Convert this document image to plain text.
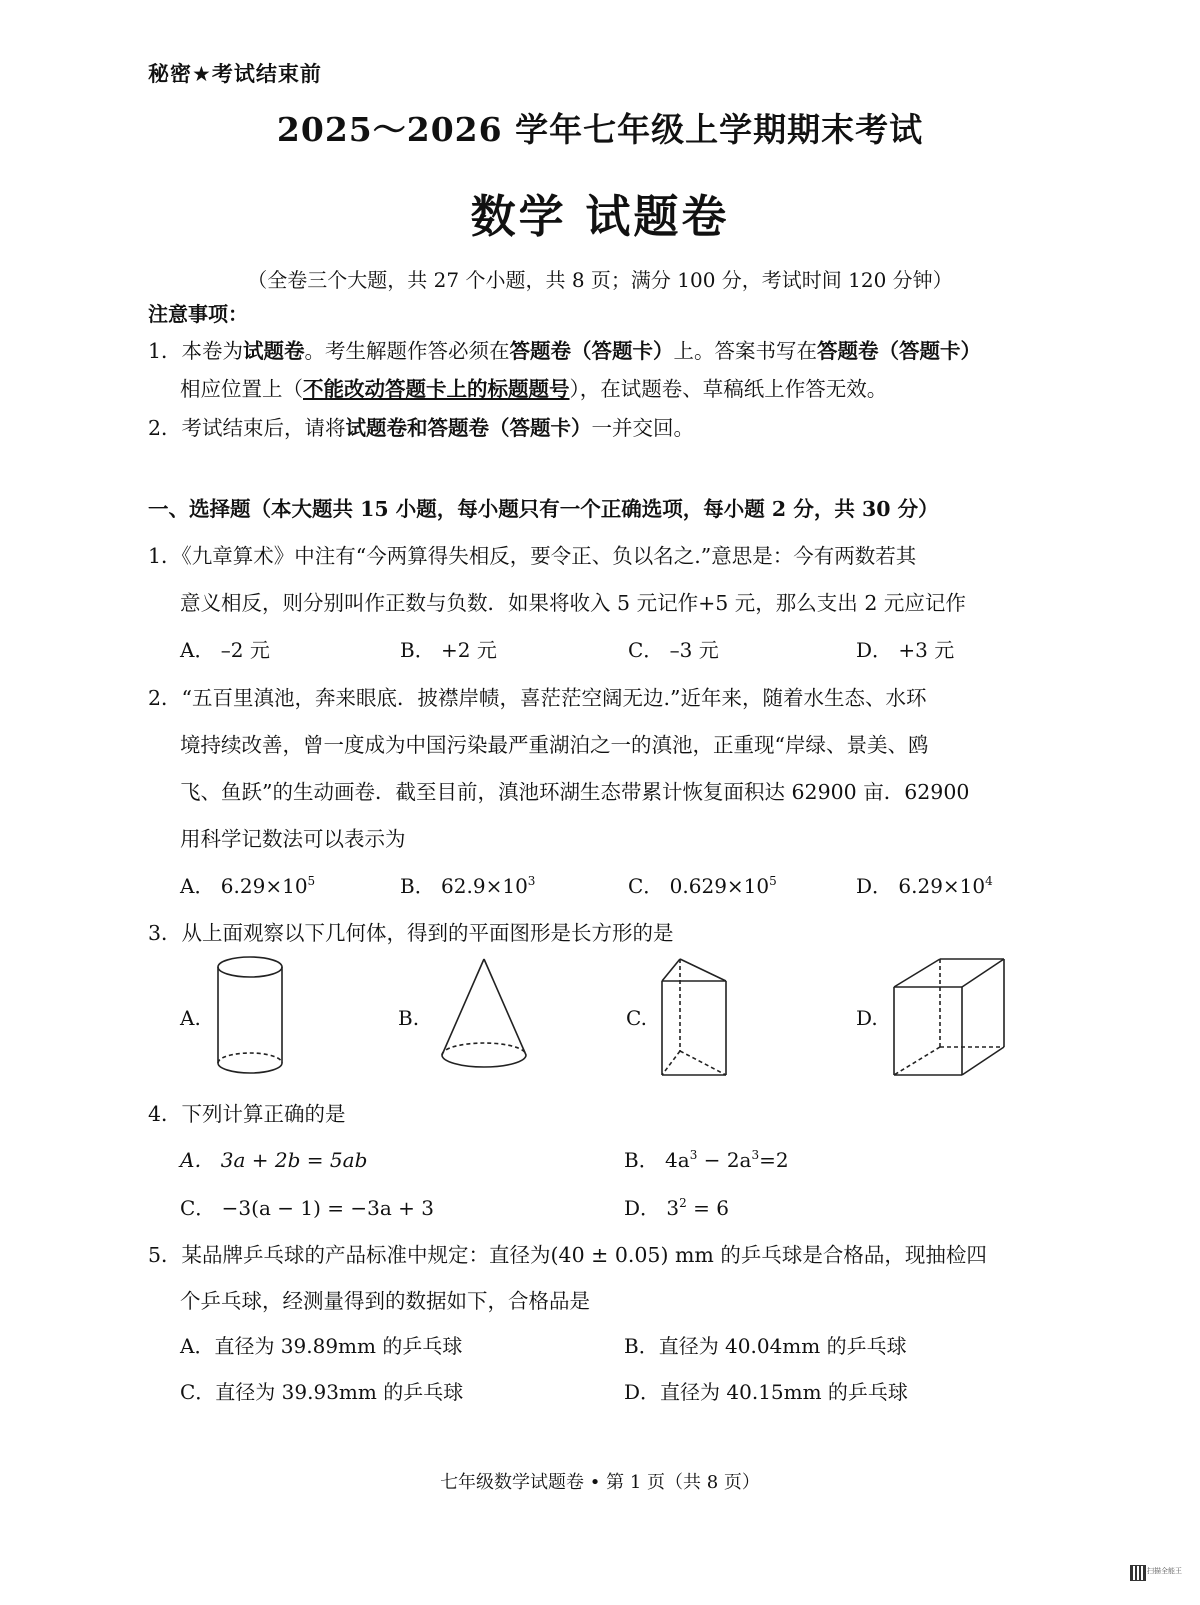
秘密★考试结束前
2025～2026 学年七年级上学期期末考试
数学 试题卷
（全卷三个大题，共 27 个小题，共 8 页；满分 100 分，考试时间 120 分钟）
注意事项：
1．本卷为试题卷。考生解题作答必须在答题卷（答题卡）上。答案书写在答题卷（答题卡）
相应位置上（不能改动答题卡上的标题题号），在试题卷、草稿纸上作答无效。
2．考试结束后，请将试题卷和答题卷（答题卡）一并交回。
一、选择题（本大题共 15 小题，每小题只有一个正确选项，每小题 2 分，共 30 分）
1．《九章算术》中注有“今两算得失相反，要令正、负以名之.”意思是：今有两数若其
意义相反，则分别叫作正数与负数．如果将收入 5 元记作+5 元，那么支出 2 元应记作
A． –2 元	B． +2 元	C． –3 元	D． +3 元
2．“五百里滇池，奔来眼底．披襟岸帻，喜茫茫空阔无边.”近年来，随着水生态、水环
境持续改善，曾一度成为中国污染最严重湖泊之一的滇池，正重现“岸绿、景美、鸥
飞、鱼跃”的生动画卷．截至目前，滇池环湖生态带累计恢复面积达 62900 亩．62900
用科学记数法可以表示为
A． $6.29\times 10^5$	B． $62.9\times 10^3$	C． $0.629\times 10^5$	D． $6.29\times 10^4$
3．从上面观察以下几何体，得到的平面图形是长方形的是
A.	B.	C.	D.
4．下列计算正确的是
A． 3a + 2b = 5ab	B． $4a^3 - 2a^3=2$
C． −3(a − 1) = −3a + 3	D． $3^2 = 6$
5．某品牌乒乓球的产品标准中规定：直径为(40 ± 0.05) mm 的乒乓球是合格品，现抽检四
个乒乓球，经测量得到的数据如下，合格品是
A．直径为 39.89mm 的乒乓球	B．直径为 40.04mm 的乒乓球
C．直径为 39.93mm 的乒乓球	D．直径为 40.15mm 的乒乓球
七年级数学试题卷 • 第 1 页（共 8 页）
扫描全能王
